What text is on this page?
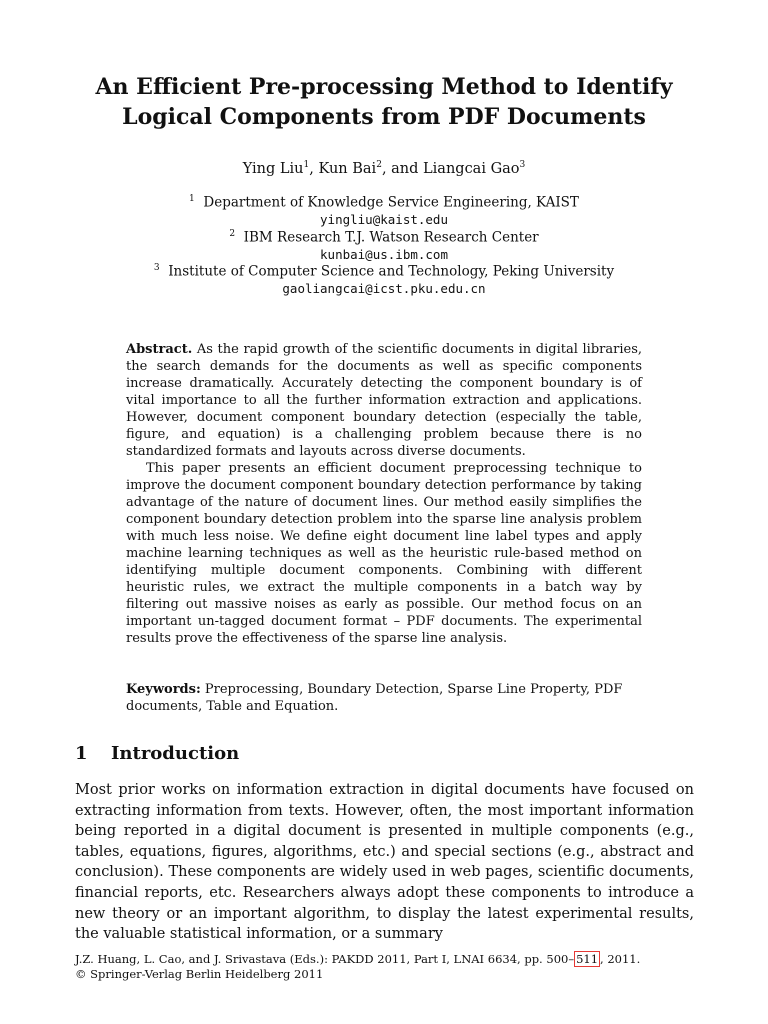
An Efficient Pre-processing Method to Identify
Logical Components from PDF Documents
Ying Liu$^1$, Kun Bai$^2$, and Liangcai Gao$^3$
$^1$ Department of Knowledge Service Engineering, KAIST
yingliu@kaist.edu
$^2$ IBM Research T.J. Watson Research Center
kunbai@us.ibm.com
$^3$ Institute of Computer Science and Technology, Peking University
gaoliangcai@icst.pku.edu.cn

Abstract. As the rapid growth of the scientific documents in digital libraries, the search demands for the documents as well as specific components increase dramatically. Accurately detecting the component boundary is of vital importance to all the further information extraction and applications. However, document component boundary detection (especially the table, figure, and equation) is a challenging problem because there is no standardized formats and layouts across diverse documents.

This paper presents an efficient document preprocessing technique to improve the document component boundary detection performance by taking advantage of the nature of document lines. Our method easily simplifies the component boundary detection problem into the sparse line analysis problem with much less noise. We define eight document line label types and apply machine learning techniques as well as the heuristic rule-based method on identifying multiple document components. Combining with different heuristic rules, we extract the multiple components in a batch way by filtering out massive noises as early as possible. Our method focus on an important un-tagged document format – PDF documents. The experimental results prove the effectiveness of the sparse line analysis.

Keywords: Preprocessing, Boundary Detection, Sparse Line Property, PDF documents, Table and Equation.
1 Introduction
Most prior works on information extraction in digital documents have focused on extracting information from texts. However, often, the most important information being reported in a digital document is presented in multiple components (e.g., tables, equations, figures, algorithms, etc.) and special sections (e.g., abstract and conclusion). These components are widely used in web pages, scientific documents, financial reports, etc. Researchers always adopt these components to introduce a new theory or an important algorithm, to display the latest experimental results, the valuable statistical information, or a summary
J.Z. Huang, L. Cao, and J. Srivastava (Eds.): PAKDD 2011, Part I, LNAI 6634, pp. 500– 511 , 2011.
© Springer-Verlag Berlin Heidelberg 2011
